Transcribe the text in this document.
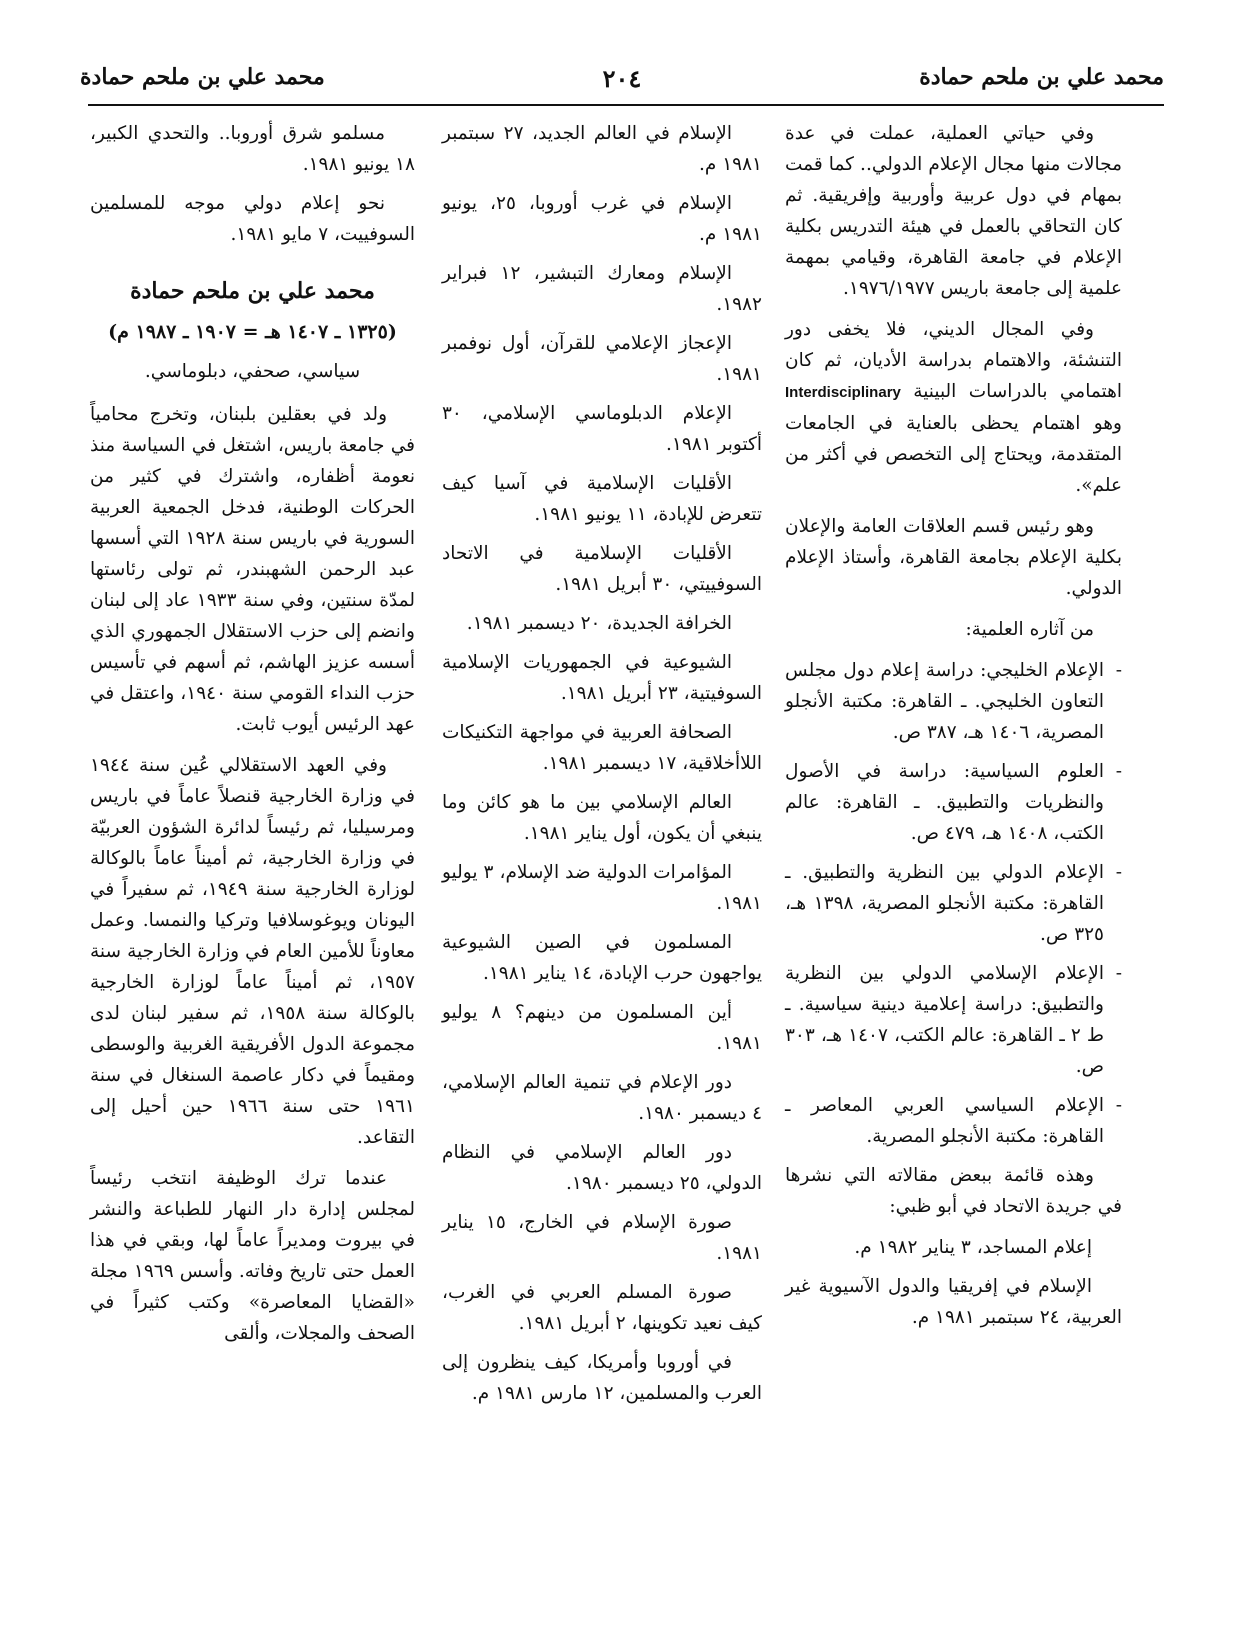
محمد علي بن ملحم حمادة
٢٠٤
محمد علي بن ملحم حمادة

وفي حياتي العملية، عملت في عدة مجالات منها مجال الإعلام الدولي.. كما قمت بمهام في دول عربية وأوربية وإفريقية. ثم كان التحاقي بالعمل في هيئة التدريس بكلية الإعلام في جامعة القاهرة، وقيامي بمهمة علمية إلى جامعة باريس ١٩٧٦/١٩٧٧.

وفي المجال الديني، فلا يخفى دور التنشئة، والاهتمام بدراسة الأديان، ثم كان اهتمامي بالدراسات البينية Interdisciplinary وهو اهتمام يحظى بالعناية في الجامعات المتقدمة، ويحتاج إلى التخصص في أكثر من علم».

وهو رئيس قسم العلاقات العامة والإعلان بكلية الإعلام بجامعة القاهرة، وأستاذ الإعلام الدولي.

من آثاره العلمية:

-الإعلام الخليجي: دراسة إعلام دول مجلس التعاون الخليجي. ـ القاهرة: مكتبة الأنجلو المصرية، ١٤٠٦ هـ، ٣٨٧ ص.

-العلوم السياسية: دراسة في الأصول والنظريات والتطبيق. ـ القاهرة: عالم الكتب، ١٤٠٨ هـ، ٤٧٩ ص.

-الإعلام الدولي بين النظرية والتطبيق. ـ القاهرة: مكتبة الأنجلو المصرية، ١٣٩٨ هـ، ٣٢٥ ص.

-الإعلام الإسلامي الدولي بين النظرية والتطبيق: دراسة إعلامية دينية سياسية. ـ ط ٢ ـ القاهرة: عالم الكتب، ١٤٠٧ هـ، ٣٠٣ ص.

-الإعلام السياسي العربي المعاصر ـ القاهرة: مكتبة الأنجلو المصرية.

وهذه قائمة ببعض مقالاته التي نشرها في جريدة الاتحاد في أبو ظبي:

إعلام المساجد، ٣ يناير ١٩٨٢ م.

الإسلام في إفريقيا والدول الآسيوية غير العربية، ٢٤ سبتمبر ١٩٨١ م.

الإسلام في العالم الجديد، ٢٧ سبتمبر ١٩٨١ م.

الإسلام في غرب أوروبا، ٢٥، يونيو ١٩٨١ م.

الإسلام ومعارك التبشير، ١٢ فبراير ١٩٨٢.

الإعجاز الإعلامي للقرآن، أول نوفمبر ١٩٨١.

الإعلام الدبلوماسي الإسلامي، ٣٠ أكتوبر ١٩٨١.

الأقليات الإسلامية في آسيا كيف تتعرض للإبادة، ١١ يونيو ١٩٨١.

الأقليات الإسلامية في الاتحاد السوفييتي، ٣٠ أبريل ١٩٨١.

الخرافة الجديدة، ٢٠ ديسمبر ١٩٨١.

الشيوعية في الجمهوريات الإسلامية السوفيتية، ٢٣ أبريل ١٩٨١.

الصحافة العربية في مواجهة التكنيكات اللاأخلاقية، ١٧ ديسمبر ١٩٨١.

العالم الإسلامي بين ما هو كائن وما ينبغي أن يكون، أول يناير ١٩٨١.

المؤامرات الدولية ضد الإسلام، ٣ يوليو ١٩٨١.

المسلمون في الصين الشيوعية يواجهون حرب الإبادة، ١٤ يناير ١٩٨١.

أين المسلمون من دينهم؟ ٨ يوليو ١٩٨١.

دور الإعلام في تنمية العالم الإسلامي، ٤ ديسمبر ١٩٨٠.

دور العالم الإسلامي في النظام الدولي، ٢٥ ديسمبر ١٩٨٠.

صورة الإسلام في الخارج، ١٥ يناير ١٩٨١.

صورة المسلم العربي في الغرب، كيف نعيد تكوينها، ٢ أبريل ١٩٨١.

في أوروبا وأمريكا، كيف ينظرون إلى العرب والمسلمين، ١٢ مارس ١٩٨١ م.

مسلمو شرق أوروبا.. والتحدي الكبير، ١٨ يونيو ١٩٨١.

نحو إعلام دولي موجه للمسلمين السوفييت، ٧ مايو ١٩٨١.

محمد علي بن ملحم حمادة
(١٣٢٥ ـ ١٤٠٧ هـ = ١٩٠٧ ـ ١٩٨٧ م)
سياسي، صحفي، دبلوماسي.

ولد في بعقلين بلبنان، وتخرج محامياً في جامعة باريس، اشتغل في السياسة منذ نعومة أظفاره، واشترك في كثير من الحركات الوطنية، فدخل الجمعية العربية السورية في باريس سنة ١٩٢٨ التي أسسها عبد الرحمن الشهبندر، ثم تولى رئاستها لمدّة سنتين، وفي سنة ١٩٣٣ عاد إلى لبنان وانضم إلى حزب الاستقلال الجمهوري الذي أسسه عزيز الهاشم، ثم أسهم في تأسيس حزب النداء القومي سنة ١٩٤٠، واعتقل في عهد الرئيس أيوب ثابت.

وفي العهد الاستقلالي عُين سنة ١٩٤٤ في وزارة الخارجية قنصلاً عاماً في باريس ومرسيليا، ثم رئيساً لدائرة الشؤون العربيّة في وزارة الخارجية، ثم أميناً عاماً بالوكالة لوزارة الخارجية سنة ١٩٤٩، ثم سفيراً في اليونان ويوغوسلافيا وتركيا والنمسا. وعمل معاوناً للأمين العام في وزارة الخارجية سنة ١٩٥٧، ثم أميناً عاماً لوزارة الخارجية بالوكالة سنة ١٩٥٨، ثم سفير لبنان لدى مجموعة الدول الأفريقية الغربية والوسطى ومقيماً في دكار عاصمة السنغال في سنة ١٩٦١ حتى سنة ١٩٦٦ حين أحيل إلى التقاعد.

عندما ترك الوظيفة انتخب رئيساً لمجلس إدارة دار النهار للطباعة والنشر في بيروت ومديراً عاماً لها، وبقي في هذا العمل حتى تاريخ وفاته. وأسس ١٩٦٩ مجلة «القضايا المعاصرة» وكتب كثيراً في الصحف والمجلات، وألقى
